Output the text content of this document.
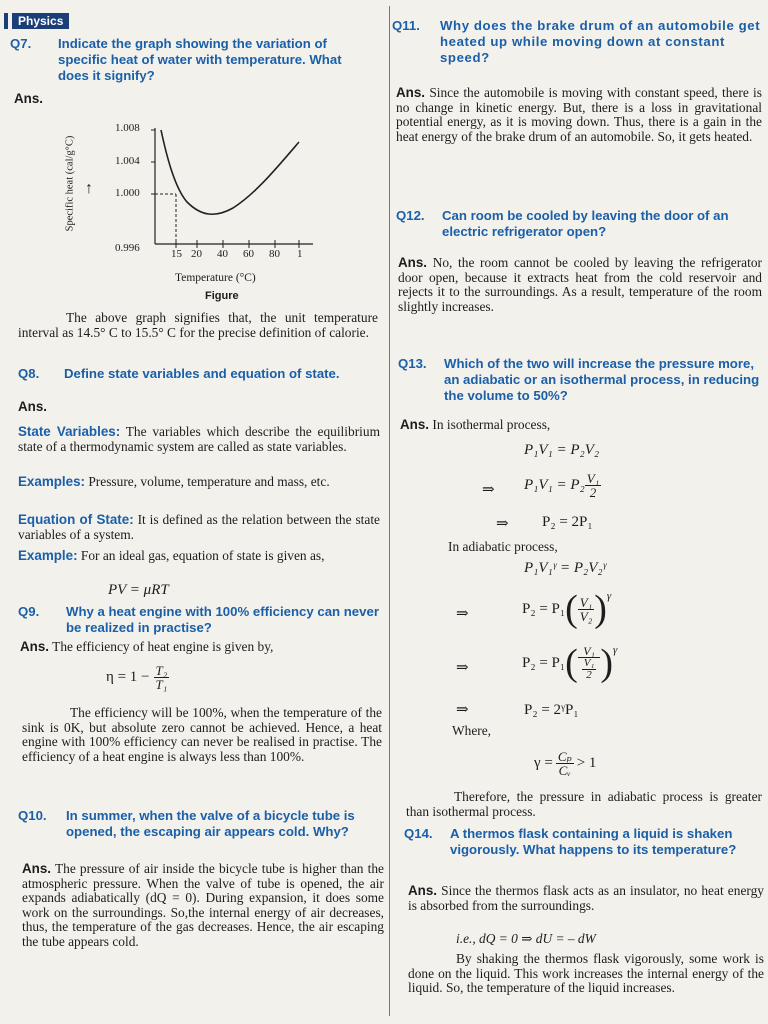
Physics
Q7. Indicate the graph showing the variation of specific heat of water with temperature. What does it signify?
Ans.
Specific heat (cal/g°C) ↑
1.008
1.004
1.000
0.996	15 20 40 60 80 1
Temperature (°C)
Figure
The above graph signifies that, the unit temperature interval as 14.5° C to 15.5° C for the precise definition of calorie.
Q8. Define state variables and equation of state.
Ans.
State Variables: The variables which describe the equilibrium state of a thermodynamic system are called as state variables.
Examples: Pressure, volume, temperature and mass, etc.
Equation of State: It is defined as the relation between the state variables of a system.
Example: For an ideal gas, equation of state is given as,
PV = μRT
Q9. Why a heat engine with 100% efficiency can never be realized in practise?
Ans. The efficiency of heat engine is given by,
$\eta = 1 - \frac{\text{T₂}}{\text{T₁}}$
The efficiency will be 100%, when the temperature of the sink is 0K, but absolute zero cannot be achieved. Hence, a heat engine with 100% efficiency can never be realised in practise. The efficiency of a heat engine is always less than 100%.
Q10. In summer, when the valve of a bicycle tube is opened, the escaping air appears cold. Why?
Ans. The pressure of air inside the bicycle tube is higher than the atmospheric pressure. When the valve of tube is opened, the air expands adiabatically (dQ = 0). During expansion, it does some work on the surroundings. So,the internal energy of air decreases, thus, the temperature of the gas decreases. Hence, the air escaping the tube appears cold.
Q11. Why does the brake drum of an automobile get heated up while moving down at constant speed?
Ans. Since the automobile is moving with constant speed, there is no change in kinetic energy. But, there is a loss in gravitational potential energy, as it is moving down. Thus, there is a gain in the heat energy of the brake drum of an automobile. So, it gets heated.
Q12. Can room be cooled by leaving the door of an electric refrigerator open?
Ans. No, the room cannot be cooled by leaving the refrigerator door open, because it extracts heat from the cold reservoir and rejects it to the surroundings. As a result, temperature of the room slightly increases.
Q13. Which of the two will increase the pressure more, an adiabatic or an isothermal process, in reducing the volume to 50%?
Ans. In isothermal process,
P₁V₁ = P₂V₂
⇒ $P_1V_1 = P_2 \frac{\text{V₁}}{2}$
⇒ P₂ = 2P₁
In adiabatic process,
P₁V₁ᵞ = P₂V₂ᵞ
⇒	P₂ = P₁ ( $\frac{\text{V₁}}{\text{V₂}}$ ) γ
⇒	P₂ = P₁ ( V₁
V₁
2 ) γ
⇒	P₂ = 2ᵞP₁
Where,
$\gamma = \frac{\text{Cₚ}}{\text{Cᵥ}} > 1$
Therefore, the pressure in adiabatic process is greater than isothermal process.
Q14. A thermos flask containing a liquid is shaken vigorously. What happens to its temperature?
Ans. Since the thermos flask acts as an insulator, no heat energy is absorbed from the surroundings.
i.e., dQ = 0 ⇒ dU = – dW
By shaking the thermos flask vigorously, some work is done on the liquid. This work increases the internal energy of the liquid. So, the temperature of the liquid increases.
